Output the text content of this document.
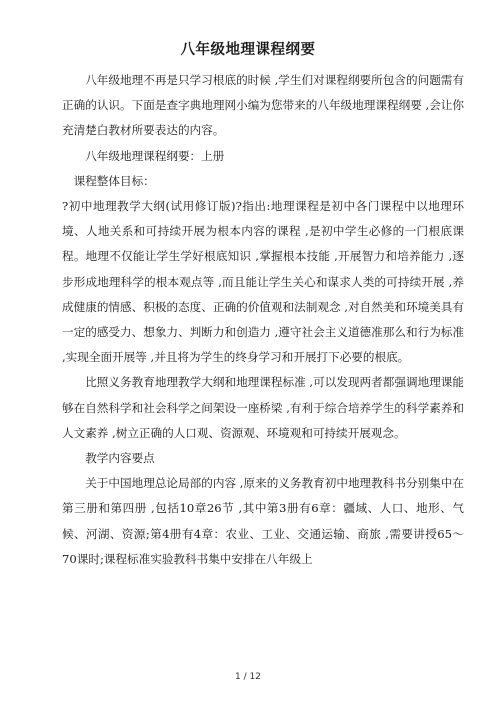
八年级地理课程纲要

八年级地理不再是只学习根底的时候 ,学生们对课程纲要所包含的问题需有正确的认识。下面是查字典地理网小编为您带来的八年级地理课程纲要 ,会让你充清楚白教材所要表达的内容。

八年级地理课程纲要：上册

课程整体目标：

?初中地理教学大纲(试用修订版)?指出:地理课程是初中各门课程中以地理环境、人地关系和可持续开展为根本内容的课程 ,是初中学生必修的一门根底课程。地理不仅能让学生学好根底知识 ,掌握根本技能 ,开展智力和培养能力 ,逐步形成地理科学的根本观点等 ,而且能让学生关心和谋求人类的可持续开展 ,养成健康的情感、积极的态度、正确的价值观和法制观念 ,对自然美和环境美具有一定的感受力、想象力、判断力和创造力 ,遵守社会主义道德准那么和行为标准 ,实现全面开展等 ,并且将为学生的终身学习和开展打下必要的根底。

比照义务教育地理教学大纲和地理课程标准 ,可以发现两者都强调地理课能够在自然科学和社会科学之间架设一座桥梁 ,有利于综合培养学生的科学素养和人文素养 ,树立正确的人口观、资源观、环境观和可持续开展观念。

教学内容要点

关于中国地理总论局部的内容 ,原来的义务教育初中地理教科书分别集中在第三册和第四册 ,包括10章26节 ,其中第3册有6章：疆域、人口、地形、气候、河湖、资源;第4册有4章：农业、工业、交通运输、商旅 ,需要讲授65～70课时;课程标准实验教科书集中安排在八年级上

1 / 12
